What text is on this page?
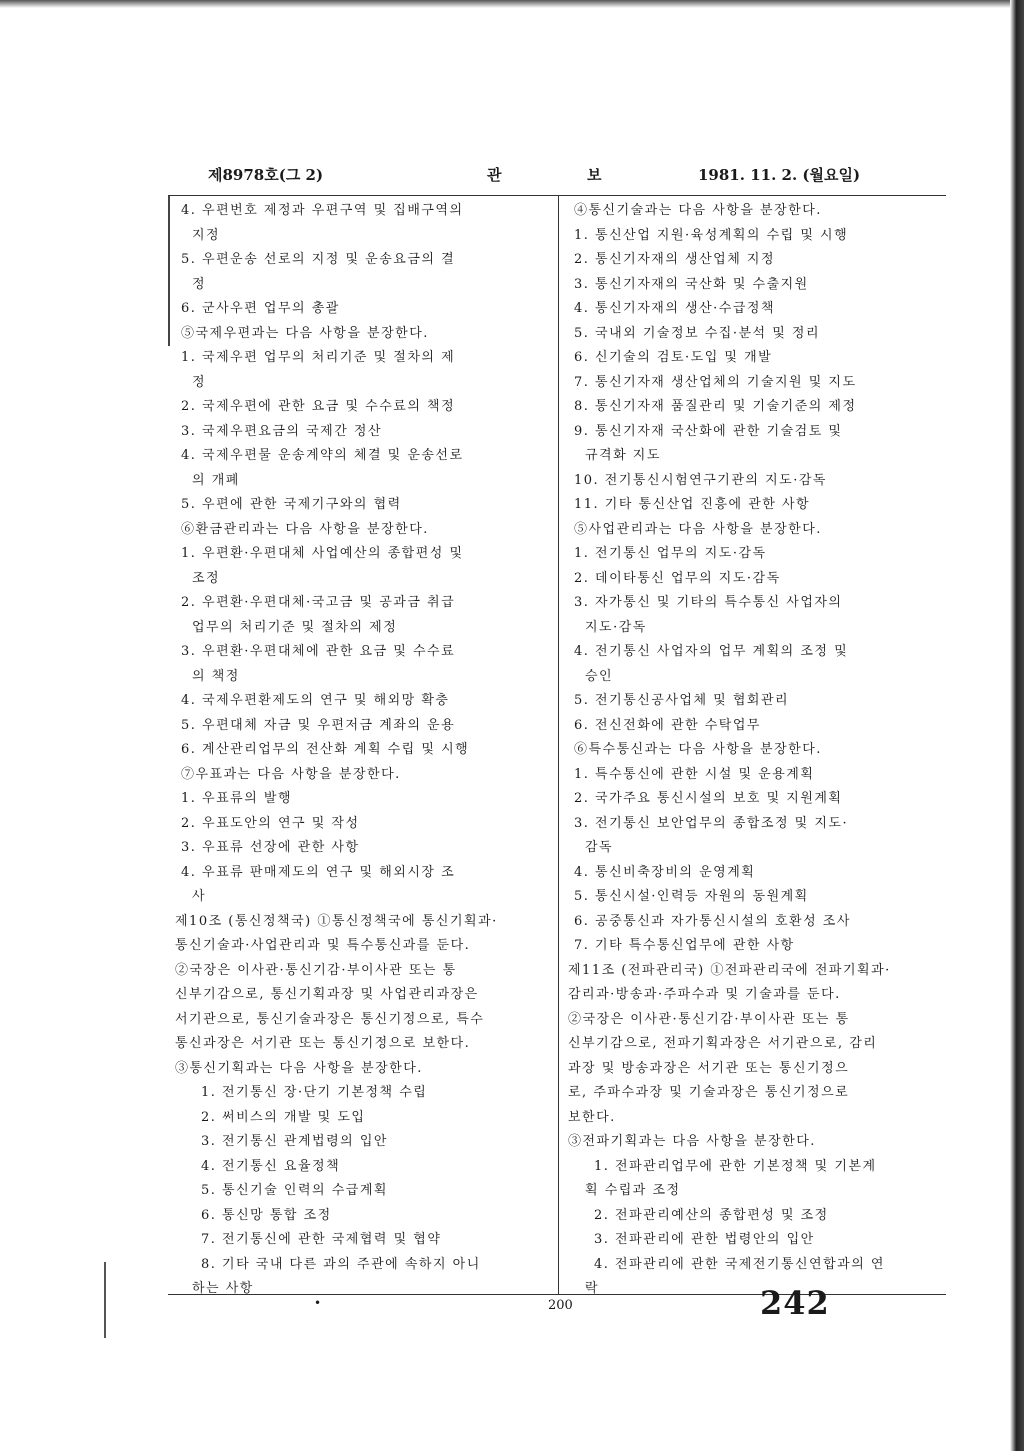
제8978호(그 2)	관	보	1981. 11. 2. (월요일)
4. 우편번호 제정과 우편구역 및 집배구역의
지정
5. 우편운송 선로의 지정 및 운송요금의 결
정
6. 군사우편 업무의 총괄
⑤국제우편과는 다음 사항을 분장한다.
1. 국제우편 업무의 처리기준 및 절차의 제
정
2. 국제우편에 관한 요금 및 수수료의 책정
3. 국제우편요금의 국제간 정산
4. 국제우편물 운송계약의 체결 및 운송선로
의 개폐
5. 우편에 관한 국제기구와의 협력
⑥환금관리과는 다음 사항을 분장한다.
1. 우편환·우편대체 사업예산의 종합편성 및
조정
2. 우편환·우편대체·국고금 및 공과금 취급
업무의 처리기준 및 절차의 제정
3. 우편환·우편대체에 관한 요금 및 수수료
의 책정
4. 국제우편환제도의 연구 및 해외망 확충
5. 우편대체 자금 및 우편저금 계좌의 운용
6. 계산관리업무의 전산화 계획 수립 및 시행
⑦우표과는 다음 사항을 분장한다.
1. 우표류의 발행
2. 우표도안의 연구 및 작성
3. 우표류 선장에 관한 사항
4. 우표류 판매제도의 연구 및 해외시장 조
사
제10조 (통신정책국) ①통신정책국에 통신기획과·
통신기술과·사업관리과 및 특수통신과를 둔다.
②국장은 이사관·통신기감·부이사관 또는 통
신부기감으로, 통신기획과장 및 사업관리과장은
서기관으로, 통신기술과장은 통신기정으로, 특수
통신과장은 서기관 또는 통신기정으로 보한다.
③통신기획과는 다음 사항을 분장한다.
1. 전기통신 장·단기 기본정책 수립
2. 써비스의 개발 및 도입
3. 전기통신 관계법령의 입안
4. 전기통신 요율정책
5. 통신기술 인력의 수급계획
6. 통신망 통합 조정
7. 전기통신에 관한 국제협력 및 협약
8. 기타 국내 다른 과의 주관에 속하지 아니
하는 사항
④통신기술과는 다음 사항을 분장한다.
1. 통신산업 지원·육성계획의 수립 및 시행
2. 통신기자재의 생산업체 지정
3. 통신기자재의 국산화 및 수출지원
4. 통신기자재의 생산·수급정책
5. 국내외 기술정보 수집·분석 및 정리
6. 신기술의 검토·도입 및 개발
7. 통신기자재 생산업체의 기술지원 및 지도
8. 통신기자재 품질관리 및 기술기준의 제정
9. 통신기자재 국산화에 관한 기술검토 및
규격화 지도
10. 전기통신시험연구기관의 지도·감독
11. 기타 통신산업 진흥에 관한 사항
⑤사업관리과는 다음 사항을 분장한다.
1. 전기통신 업무의 지도·감독
2. 데이타통신 업무의 지도·감독
3. 자가통신 및 기타의 특수통신 사업자의
지도·감독
4. 전기통신 사업자의 업무 계획의 조정 및
승인
5. 전기통신공사업체 및 협회관리
6. 전신전화에 관한 수탁업무
⑥특수통신과는 다음 사항을 분장한다.
1. 특수통신에 관한 시설 및 운용계획
2. 국가주요 통신시설의 보호 및 지원계획
3. 전기통신 보안업무의 종합조정 및 지도·
감독
4. 통신비축장비의 운영계획
5. 통신시설·인력등 자원의 동원계획
6. 공중통신과 자가통신시설의 호환성 조사
7. 기타 특수통신업무에 관한 사항
제11조 (전파관리국) ①전파관리국에 전파기획과·
감리과·방송과·주파수과 및 기술과를 둔다.
②국장은 이사관·통신기감·부이사관 또는 통
신부기감으로, 전파기획과장은 서기관으로, 감리
과장 및 방송과장은 서기관 또는 통신기정으
로, 주파수과장 및 기술과장은 통신기정으로
보한다.
③전파기획과는 다음 사항을 분장한다.
1. 전파관리업무에 관한 기본정책 및 기본계
획 수립과 조정
2. 전파관리예산의 종합편성 및 조정
3. 전파관리에 관한 법령안의 입안
4. 전파관리에 관한 국제전기통신연합과의 연
락
•	200	242
